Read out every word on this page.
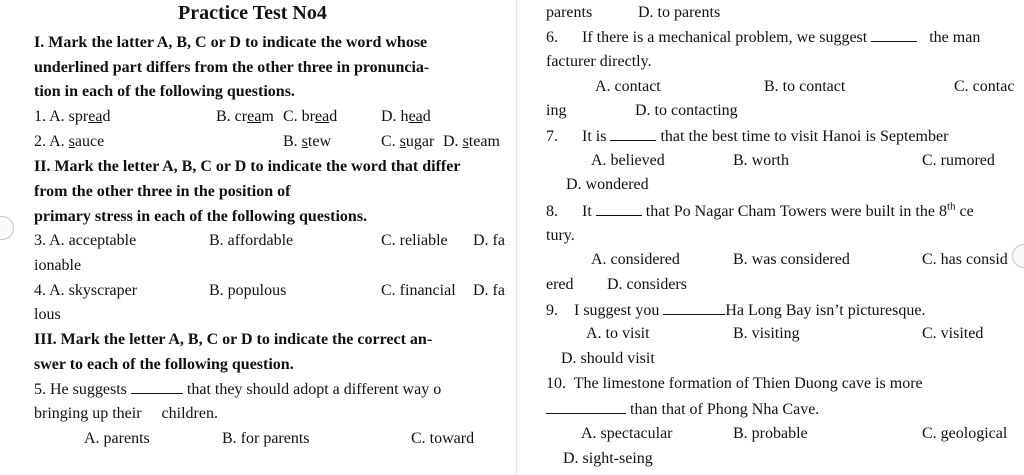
Practice Test No4
I. Mark the latter A, B, C or D to indicate the word whose
underlined part differs from the other three in pronuncia-
tion in each of the following questions.
1. A. spread	B. cream C. bread	D. head
2. A. sauce	B. stew	C. sugar D. steam
II. Mark the letter A, B, C or D to indicate the word that differ
from the other three in the position of
primary stress in each of the following questions.
3. A. acceptable	B. affordable	C. reliable D. fa
ionable
4. A. skyscraper	B. populous	C. financial D. fa
lous
III. Mark the letter A, B, C or D to indicate the correct an-
swer to each of the following question.
5. He suggests	that they should adopt a different way o
bringing up their     children.
A. parents	B. for parents	C. toward
parents	D. to parents
6.      If there is a mechanical problem, we suggest	the man
facturer directly.
A. contact	B. to contact	C. contac
ing	D. to contacting
7.      It is	that the best time to visit Hanoi is September
A. believed	B. worth	C. rumored
D. wondered
8.      It	that Po Nagar Cham Towers were built in the 8th ce
tury.
A. considered	B. was considered	C. has consid
ered D. considers
9.    I suggest you	Ha Long Bay isn’t picturesque.
A. to visit	B. visiting	C. visited
D. should visit
10.  The limestone formation of Thien Duong cave is more
than that of Phong Nha Cave.
A. spectacular	B. probable	C. geological
D. sight-seing
